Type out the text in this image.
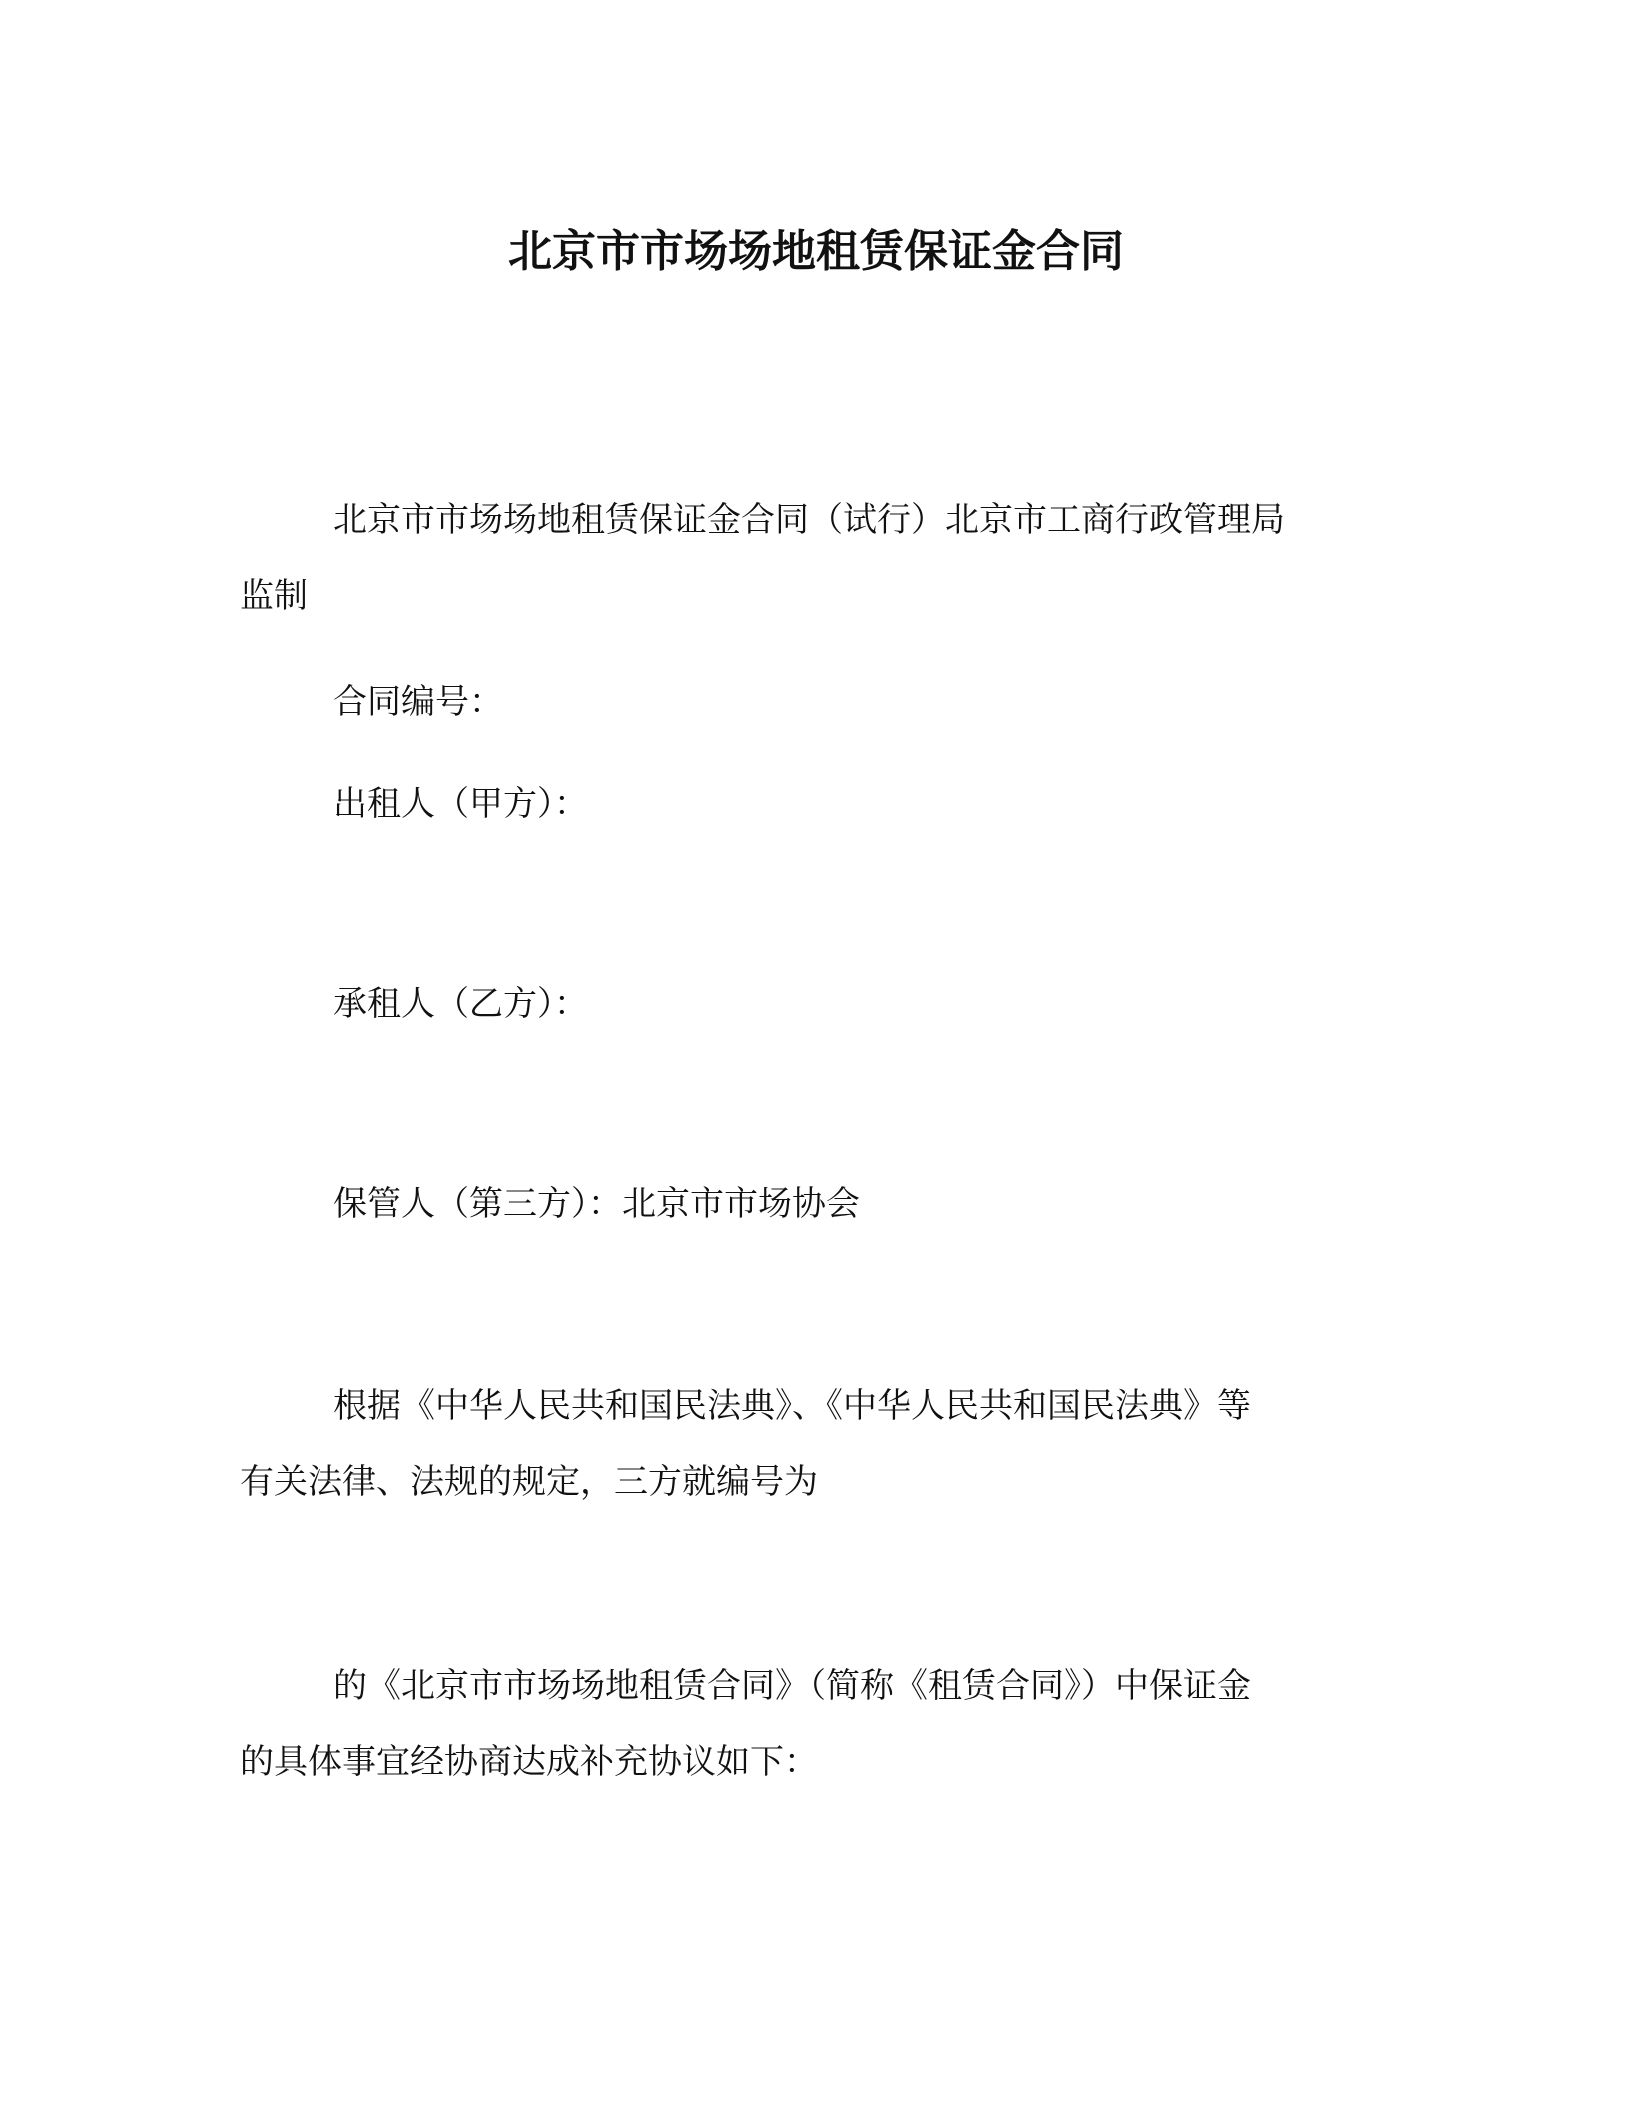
北京市市场场地租赁保证金合同
北京市市场场地租赁保证金合同（试行）北京市工商行政管理局
监制
合同编号：
出租人（甲方）：
承租人（乙方）：
保管人（第三方）：北京市市场协会
根据《中华人民共和国民法典》、《中华人民共和国民法典》等
有关法律、法规的规定，三方就编号为
的《北京市市场场地租赁合同》（简称《租赁合同》）中保证金
的具体事宜经协商达成补充协议如下：
